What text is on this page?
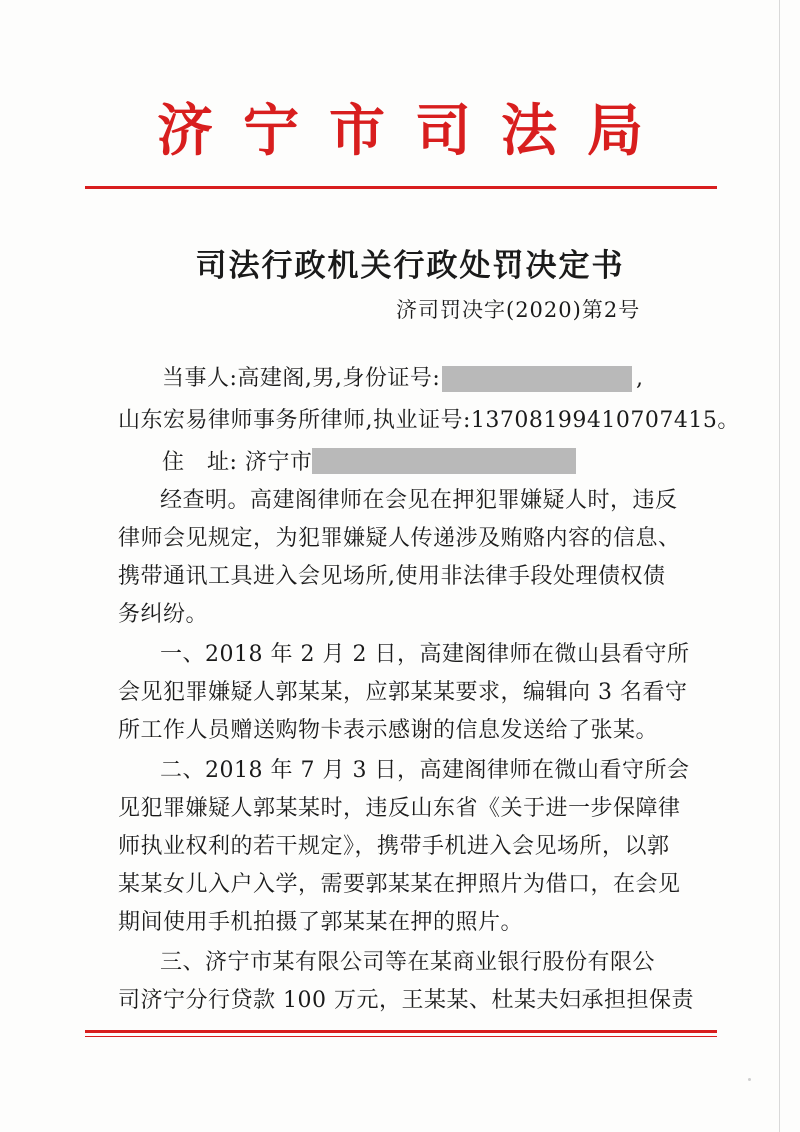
济宁市司法局
司法行政机关行政处罚决定书
济司罚决字(2020)第2号
当事人:高建阁,男,身份证号:	,
山东宏易律师事务所律师,执业证号:13708199410707415。
住　址: 济宁市
经查明。高建阁律师在会见在押犯罪嫌疑人时，违反
律师会见规定，为犯罪嫌疑人传递涉及贿赂内容的信息、
携带通讯工具进入会见场所,使用非法律手段处理债权债
务纠纷。
一、2018 年 2 月 2 日，高建阁律师在微山县看守所
会见犯罪嫌疑人郭某某，应郭某某要求，编辑向 3 名看守
所工作人员赠送购物卡表示感谢的信息发送给了张某。
二、2018 年 7 月 3 日，高建阁律师在微山看守所会
见犯罪嫌疑人郭某某时，违反山东省《关于进一步保障律
师执业权利的若干规定》，携带手机进入会见场所，以郭
某某女儿入户入学，需要郭某某在押照片为借口，在会见
期间使用手机拍摄了郭某某在押的照片。
三、济宁市某有限公司等在某商业银行股份有限公
司济宁分行贷款 100 万元，王某某、杜某夫妇承担担保责
